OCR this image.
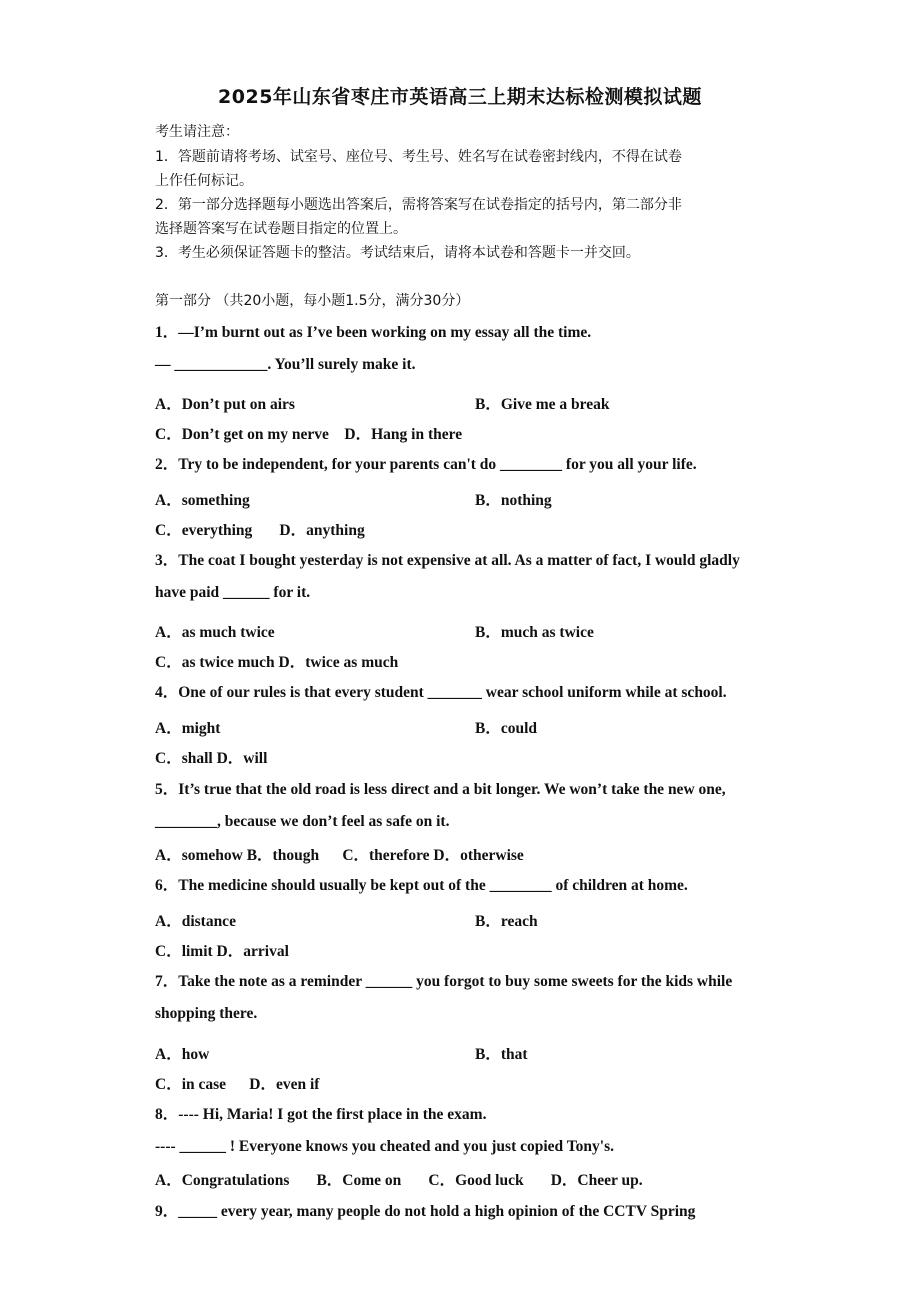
2025年山东省枣庄市英语高三上期末达标检测模拟试题
考生请注意：
1．答题前请将考场、试室号、座位号、考生号、姓名写在试卷密封线内，不得在试卷
上作任何标记。
2．第一部分选择题每小题选出答案后，需将答案写在试卷指定的括号内，第二部分非
选择题答案写在试卷题目指定的位置上。
3．考生必须保证答题卡的整洁。考试结束后，请将本试卷和答题卡一并交回。
第一部分 （共20小题，每小题1.5分，满分30分）
1．—I’m burnt out as I’ve been working on my essay all the time.
— ____________. You’ll surely make it.
A．Don’t put on airs	B．Give me a break
C．Don’t get on my nerve    D．Hang in there
2．Try to be independent, for your parents can't do ________ for you all your life.
A．something	B．nothing
C．everything       D．anything
3．The coat I bought yesterday is not expensive at all. As a matter of fact, I would gladly
have paid ______ for it.
A．as much twice	B．much as twice
C．as twice much D．twice as much
4．One of our rules is that every student _______ wear school uniform while at school.
A．might	B．could
C．shall D．will
5．It’s true that the old road is less direct and a bit longer. We won’t take the new one,
________, because we don’t feel as safe on it.
A．somehow B．though      C．therefore D．otherwise
6．The medicine should usually be kept out of the ________ of children at home.
A．distance	B．reach
C．limit D．arrival
7．Take the note as a reminder ______ you forgot to buy some sweets for the kids while
shopping there.
A．how	B．that
C．in case      D．even if
8．---- Hi, Maria! I got the first place in the exam.
---- ______ ! Everyone knows you cheated and you just copied Tony's.
A．Congratulations       B．Come on       C．Good luck       D．Cheer up.
9．_____ every year, many people do not hold a high opinion of the CCTV Spring
